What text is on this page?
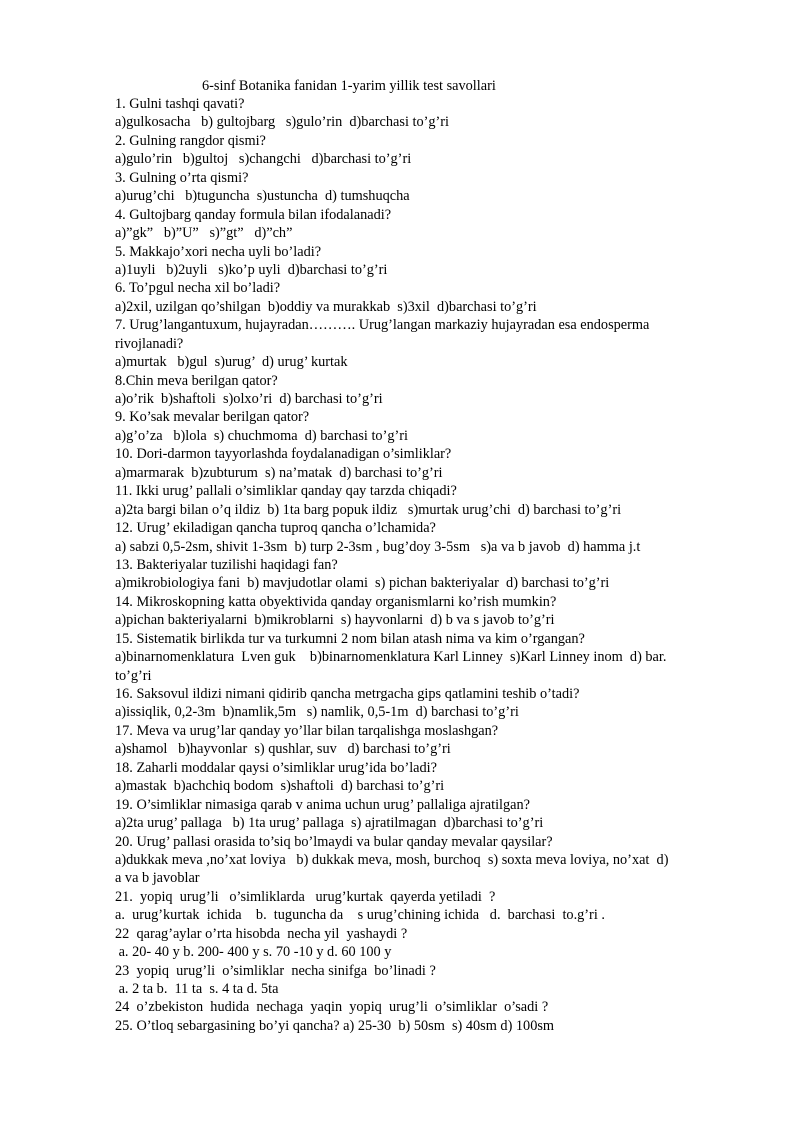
6-sinf Botanika fanidan 1-yarim yillik test savollari
1. Gulni tashqi qavati?
a)gulkosacha   b) gultojbarg   s)gulo’rin  d)barchasi to’g’ri
2. Gulning rangdor qismi?
a)gulo’rin   b)gultoj   s)changchi   d)barchasi to’g’ri
3. Gulning o’rta qismi?
a)urug’chi   b)tuguncha  s)ustuncha  d) tumshuqcha
4. Gultojbarg qanday formula bilan ifodalanadi?
a)”gk”   b)”U”   s)”gt”   d)”ch”
5. Makkajo’xori necha uyli bo’ladi?
a)1uyli   b)2uyli   s)ko’p uyli  d)barchasi to’g’ri
6. To’pgul necha xil bo’ladi?
a)2xil, uzilgan qo’shilgan  b)oddiy va murakkab  s)3xil  d)barchasi to’g’ri
7. Urug’langantuxum, hujayradan………. Urug’langan markaziy hujayradan esa endosperma
rivojlanadi?
a)murtak   b)gul  s)urug’  d) urug’ kurtak
8.Chin meva berilgan qator?
a)o’rik  b)shaftoli  s)olxo’ri  d) barchasi to’g’ri
9. Ko’sak mevalar berilgan qator?
a)g’o’za   b)lola  s) chuchmoma  d) barchasi to’g’ri
10. Dori-darmon tayyorlashda foydalanadigan o’simliklar?
a)marmarak  b)zubturum  s) na’matak  d) barchasi to’g’ri
11. Ikki urug’ pallali o’simliklar qanday qay tarzda chiqadi?
a)2ta bargi bilan o’q ildiz  b) 1ta barg popuk ildiz   s)murtak urug’chi  d) barchasi to’g’ri
12. Urug’ ekiladigan qancha tuproq qancha o’lchamida?
a) sabzi 0,5-2sm, shivit 1-3sm  b) turp 2-3sm , bug’doy 3-5sm   s)a va b javob  d) hamma j.t
13. Bakteriyalar tuzilishi haqidagi fan?
a)mikrobiologiya fani  b) mavjudotlar olami  s) pichan bakteriyalar  d) barchasi to’g’ri
14. Mikroskopning katta obyektivida qanday organismlarni ko’rish mumkin?
a)pichan bakteriyalarni  b)mikroblarni  s) hayvonlarni  d) b va s javob to’g’ri
15. Sistematik birlikda tur va turkumni 2 nom bilan atash nima va kim o’rgangan?
a)binarnomenklatura  Lven guk    b)binarnomenklatura Karl Linney  s)Karl Linney inom  d) bar.
to’g’ri
16. Saksovul ildizi nimani qidirib qancha metrgacha gips qatlamini teshib o’tadi?
a)issiqlik, 0,2-3m  b)namlik,5m   s) namlik, 0,5-1m  d) barchasi to’g’ri
17. Meva va urug’lar qanday yo’llar bilan tarqalishga moslashgan?
a)shamol   b)hayvonlar  s) qushlar, suv   d) barchasi to’g’ri
18. Zaharli moddalar qaysi o’simliklar urug’ida bo’ladi?
a)mastak  b)achchiq bodom  s)shaftoli  d) barchasi to’g’ri
19. O’simliklar nimasiga qarab v anima uchun urug’ pallaliga ajratilgan?
a)2ta urug’ pallaga   b) 1ta urug’ pallaga  s) ajratilmagan  d)barchasi to’g’ri
20. Urug’ pallasi orasida to’siq bo’lmaydi va bular qanday mevalar qaysilar?
a)dukkak meva ,no’xat loviya   b) dukkak meva, mosh, burchoq  s) soxta meva loviya, no’xat  d)
a va b javoblar
21.  yopiq  urug’li   o’simliklarda   urug’kurtak  qayerda yetiladi  ?
a.  urug’kurtak  ichida    b.  tuguncha da    s urug’chining ichida   d.  barchasi  to.g’ri .
22  qarag’aylar o’rta hisobda  necha yil  yashaydi ?
a. 20- 40 y b. 200- 400 y s. 70 -10 y d. 60 100 y
23  yopiq  urug’li  o’simliklar  necha sinifga  bo’linadi ?
a. 2 ta b.  11 ta  s. 4 ta d. 5ta
24  o’zbekiston  hudida  nechaga  yaqin  yopiq  urug’li  o’simliklar  o’sadi ?
25. O’tloq sebargasining bo’yi qancha? a) 25-30  b) 50sm  s) 40sm d) 100sm
